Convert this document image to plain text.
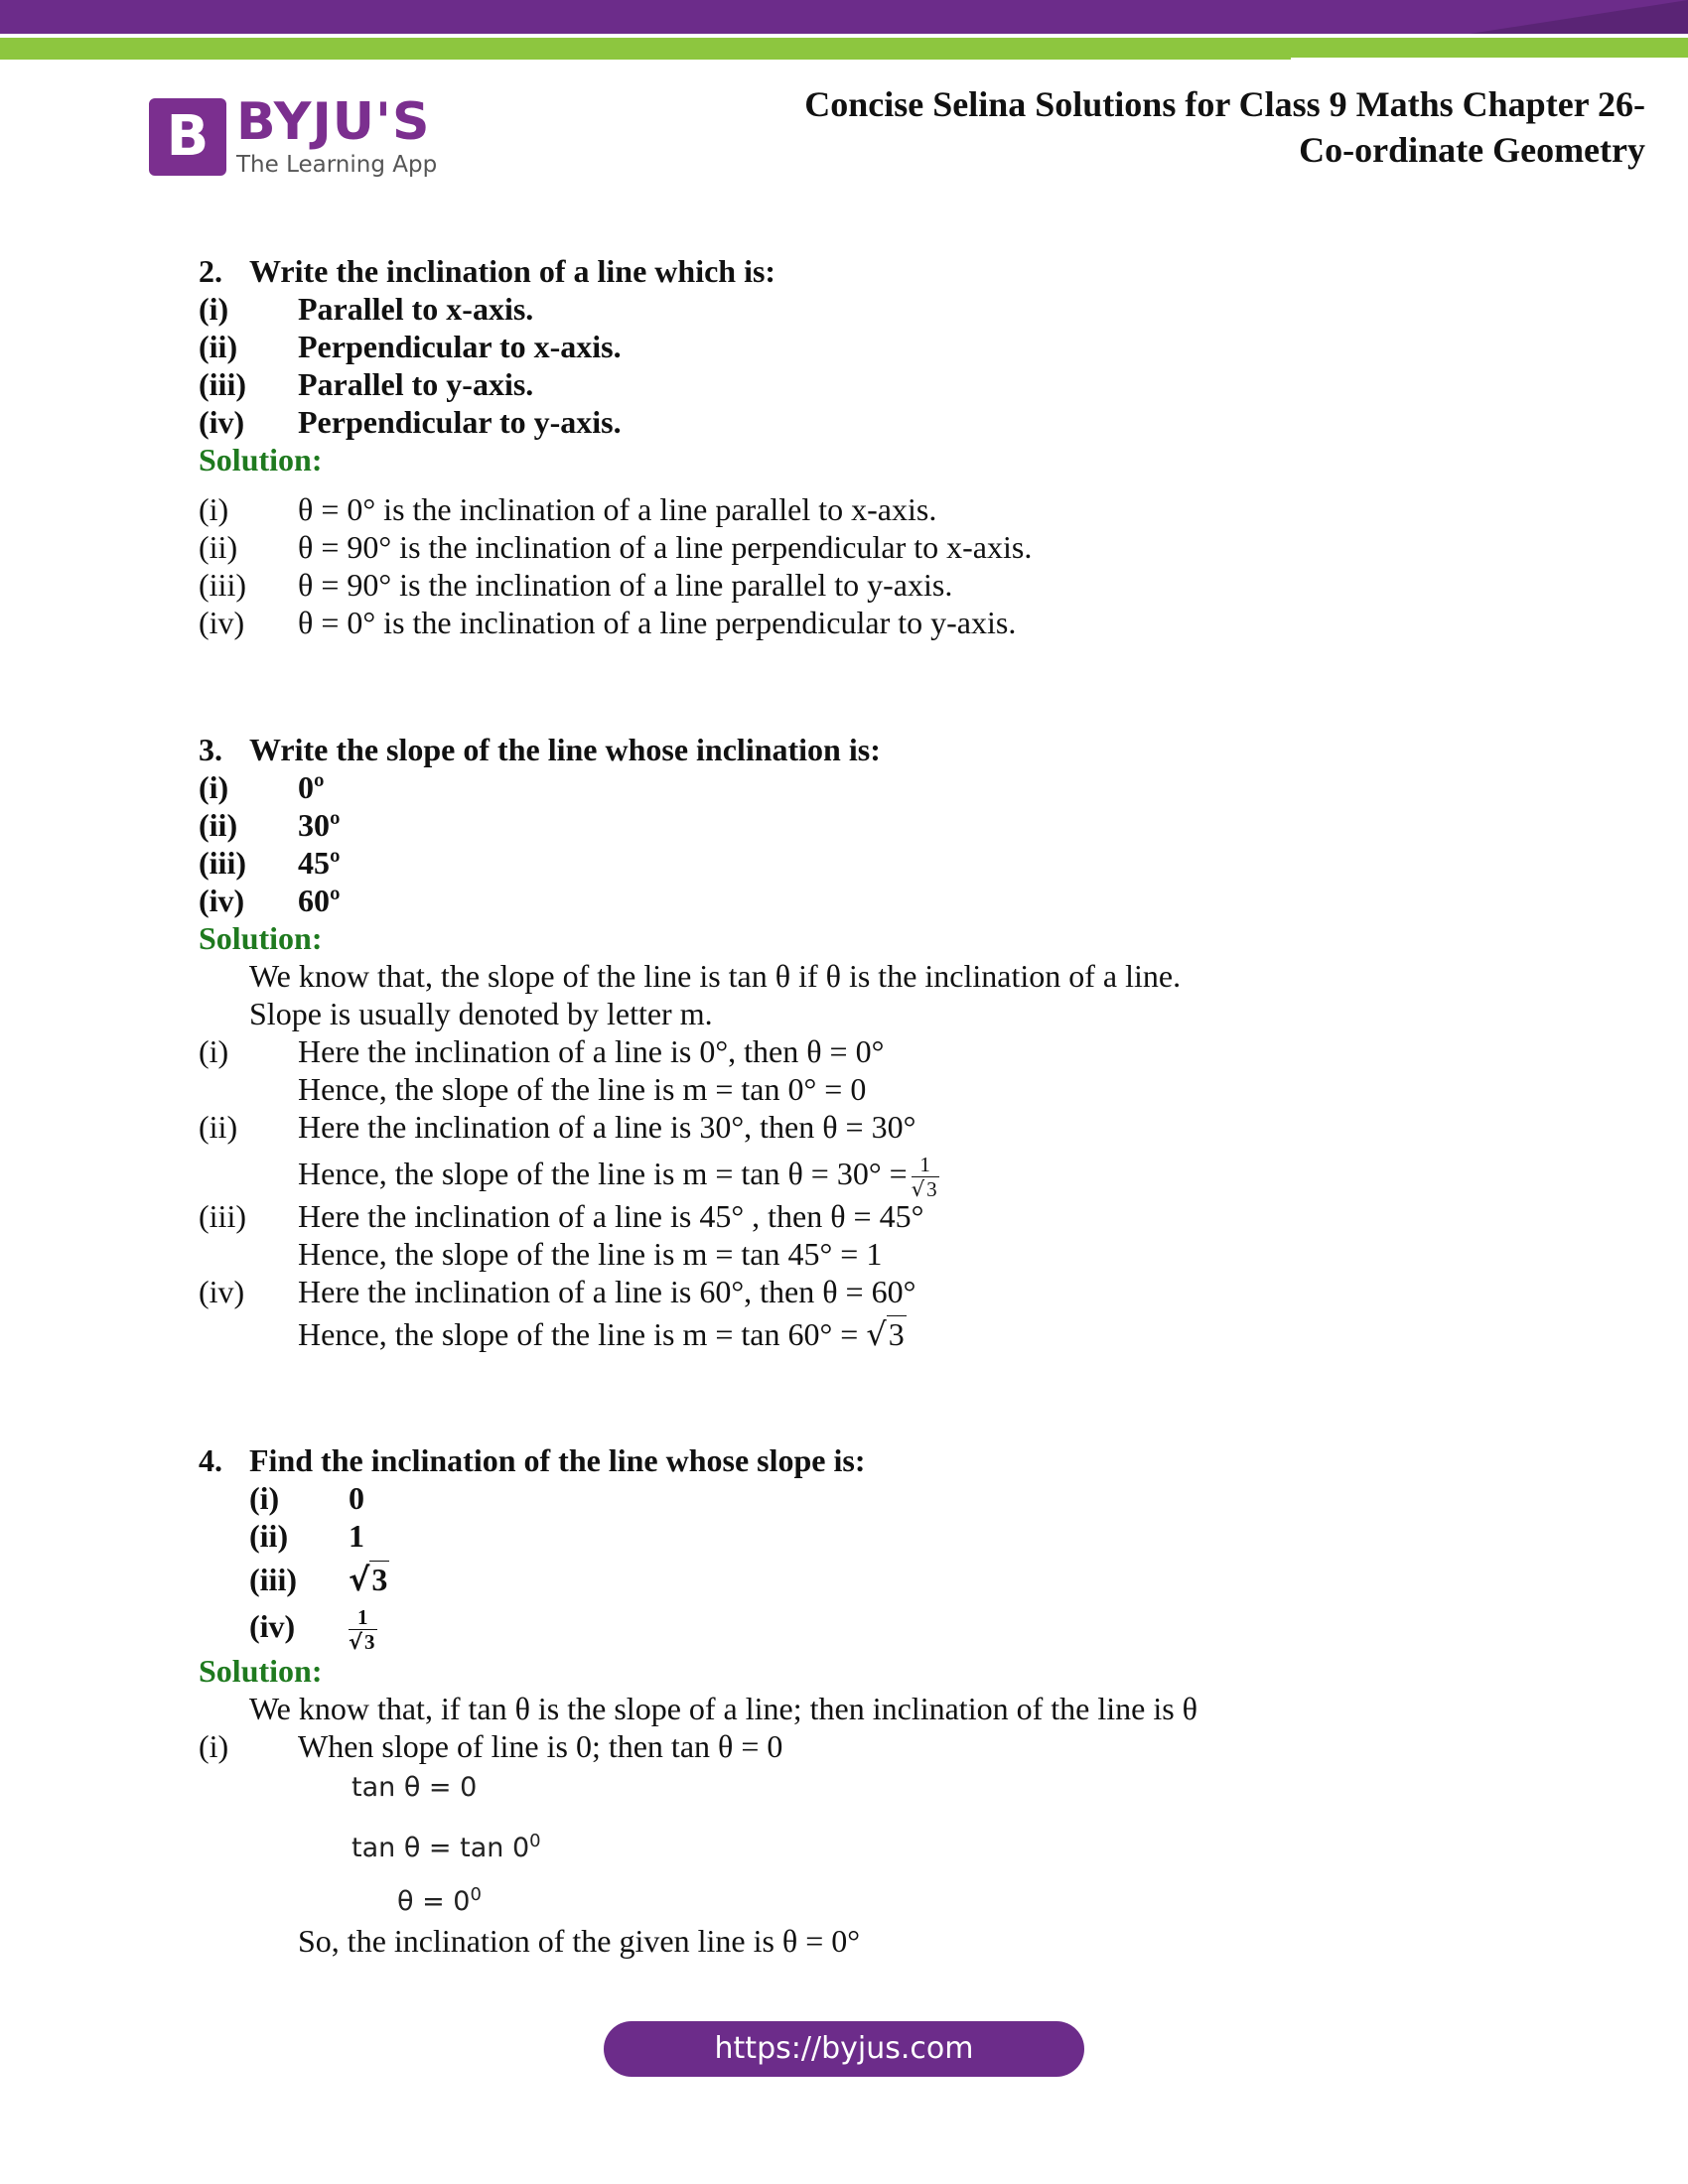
B BYJU'S
The Learning App
Concise Selina Solutions for Class 9 Maths Chapter 26-
Co-ordinate Geometry
2. Write the inclination of a line which is:
(i) Parallel to x-axis.
(ii) Perpendicular to x-axis.
(iii) Parallel to y-axis.
(iv) Perpendicular to y-axis.
Solution:
(i) θ = 0° is the inclination of a line parallel to x-axis.
(ii) θ = 90° is the inclination of a line perpendicular to x-axis.
(iii) θ = 90° is the inclination of a line parallel to y-axis.
(iv) θ = 0° is the inclination of a line perpendicular to y-axis.
3. Write the slope of the line whose inclination is:
(i) 0º
(ii) 30º
(iii) 45º
(iv) 60º
Solution:
We know that, the slope of the line is tan θ if θ is the inclination of a line.
Slope is usually denoted by letter m.
(i) Here the inclination of a line is 0°, then θ = 0°
Hence, the slope of the line is m = tan 0° = 0
(ii) Here the inclination of a line is 30°, then θ = 30°
Hence, the slope of the line is $m = \tan \theta = 30^\circ = \frac{1}{√3}$
(iii) Here the inclination of a line is 45° , then θ = 45°
Hence, the slope of the line is m = tan 45° = 1
(iv) Here the inclination of a line is 60°, then θ = 60°
Hence, the slope of the line is m = tan 60° = √3
4. Find the inclination of the line whose slope is:
(i) 0
(ii) 1
(iii) √3
(iv)	$\frac{1}{√3}$
Solution:
We know that, if tan θ is the slope of a line; then inclination of the line is θ
(i) When slope of line is 0; then tan θ = 0
tan θ = 0
$\tan \theta = \tan 0^0$
$\theta = 0^0$
So, the inclination of the given line is θ = 0°
https://byjus.com
